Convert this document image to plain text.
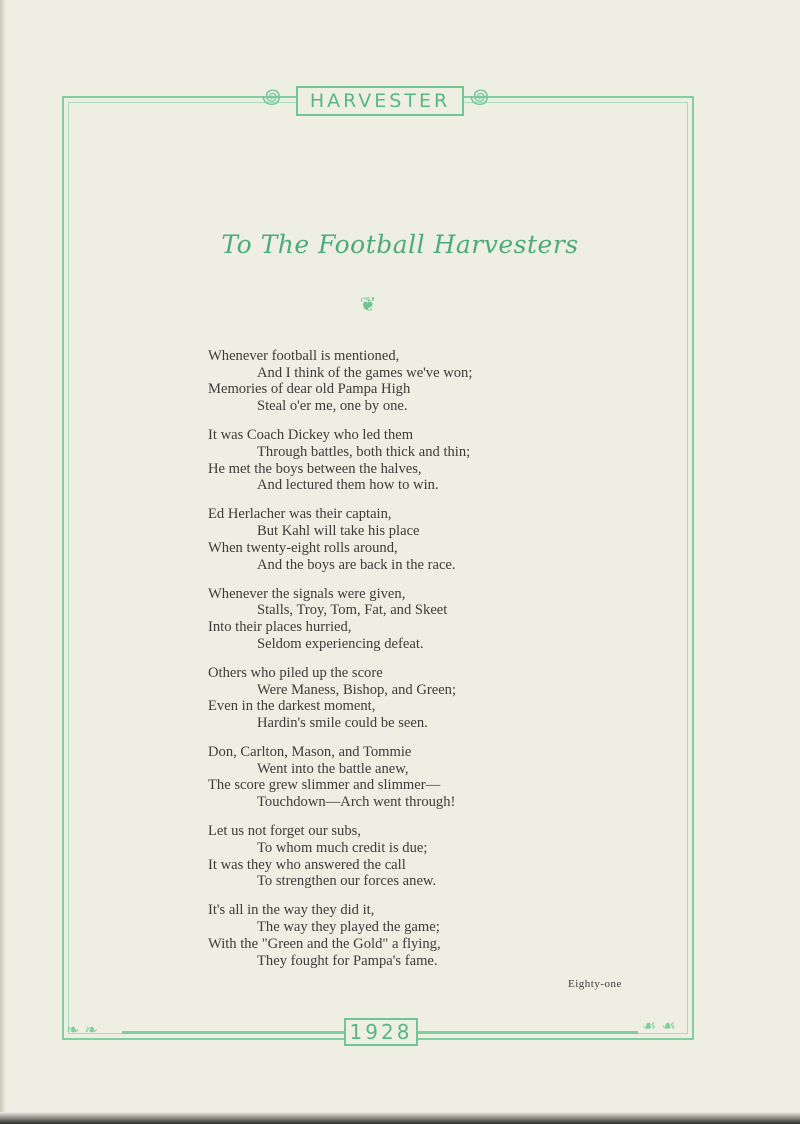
꩜	꩜
HARVESTER
To The Football Harvesters
❦
Whenever football is mentioned,
And I think of the games we've won;
Memories of dear old Pampa High
Steal o'er me, one by one.
It was Coach Dickey who led them
Through battles, both thick and thin;
He met the boys between the halves,
And lectured them how to win.
Ed Herlacher was their captain,
But Kahl will take his place
When twenty-eight rolls around,
And the boys are back in the race.
Whenever the signals were given,
Stalls, Troy, Tom, Fat, and Skeet
Into their places hurried,
Seldom experiencing defeat.
Others who piled up the score
Were Maness, Bishop, and Green;
Even in the darkest moment,
Hardin's smile could be seen.
Don, Carlton, Mason, and Tommie
Went into the battle anew,
The score grew slimmer and slimmer—
Touchdown—Arch went through!
Let us not forget our subs,
To whom much credit is due;
It was they who answered the call
To strengthen our forces anew.
It's all in the way they did it,
The way they played the game;
With the "Green and the Gold" a flying,
They fought for Pampa's fame.
Eighty-one
❧ ❧	☙ ☙
1928
